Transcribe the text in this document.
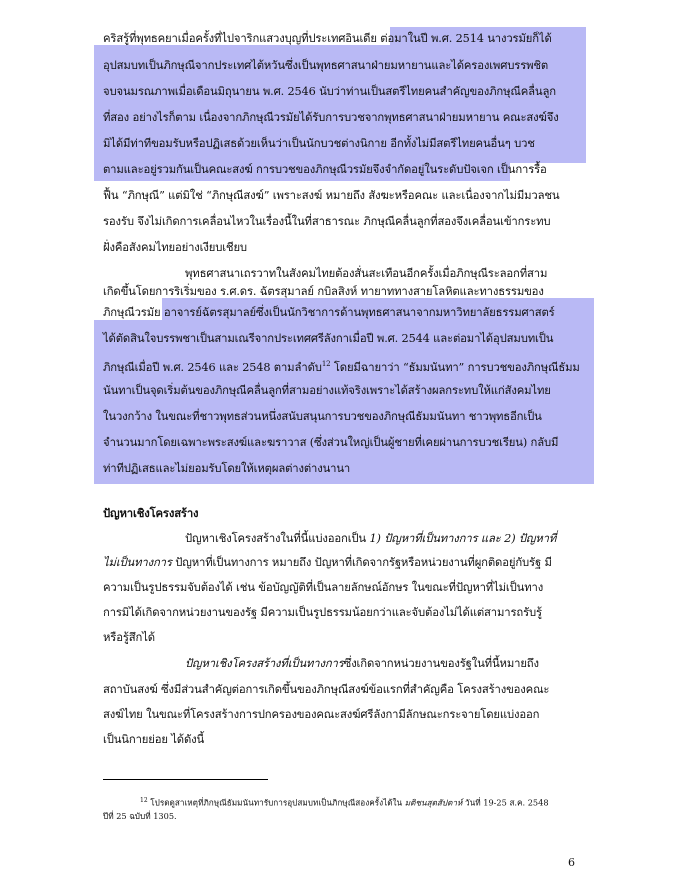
คริสรู้ที่พุทธคยาเมื่อครั้งที่ไปจาริกแสวงบุญที่ประเทศอินเดีย ต่อมาในปี พ.ศ. 2514 นางวรมัยก็ได้
อุปสมบทเป็นภิกษุณีจากประเทศไต้หวันซึ่งเป็นพุทธศาสนาฝ่ายมหายานและได้ครองเพศบรรพชิต
จบจนมรณภาพเมื่อเดือนมิถุนายน พ.ศ. 2546 นับว่าท่านเป็นสตรีไทยคนสำคัญของภิกษุณีคลื่นลูก
ที่สอง อย่างไรก็ตาม เนื่องจากภิกษุณีวรมัยได้รับการบวชจากพุทธศาสนาฝ่ายมหายาน คณะสงฆ์จึง
มิได้มีท่าทีขอมรับหรือปฏิเสธด้วยเห็นว่าเป็นนักบวชต่างนิกาย อีกทั้งไม่มีสตรีไทยคนอื่นๆ บวช
ตามและอยู่รวมกันเป็นคณะสงฆ์ การบวชของภิกษุณีวรมัยจึงจำกัดอยู่ในระดับปัจเจก เป็นการรื้อ
ฟื้น “ภิกษุณี” แต่มิใช่ “ภิกษุณีสงฆ์” เพราะสงฆ์ หมายถึง สังฆะหรือคณะ และเนื่องจากไม่มีมวลชน
รองรับ จึงไม่เกิดการเคลื่อนไหวในเรื่องนี้ในที่สาธารณะ ภิกษุณีคลื่นลูกที่สองจึงเคลื่อนเข้ากระทบ
ฝั่งคือสังคมไทยอย่างเงียบเชียบ
พุทธศาสนาเถรวาทในสังคมไทยต้องสั่นสะเทือนอีกครั้งเมื่อภิกษุณีระลอกที่สาม
เกิดขึ้นโดยการริเริ่มของ ร.ศ.ดร. ฉัตรสุมาลย์ กบิลสิงห์ ทายาททางสายโลหิตและทางธรรมของ
ภิกษุณีวรมัย อาจารย์ฉัตรสุมาลย์ซึ่งเป็นนักวิชาการด้านพุทธศาสนาจากมหาวิทยาลัยธรรมศาสตร์
ได้ตัดสินใจบรรพชาเป็นสามเณรีจากประเทศศรีลังกาเมื่อปี พ.ศ. 2544 และต่อมาได้อุปสมบทเป็น
ภิกษุณีเมื่อปี พ.ศ. 2546 และ 2548 ตามลำดับ$^{12}$ โดยมีฉายาว่า “ธัมมนันทา” การบวชของภิกษุณีธัมม
นันทาเป็นจุดเริ่มต้นของภิกษุณีคลื่นลูกที่สามอย่างแท้จริงเพราะได้สร้างผลกระทบให้แก่สังคมไทย
ในวงกว้าง ในขณะที่ชาวพุทธส่วนหนึ่งสนับสนุนการบวชของภิกษุณีธัมมนันทา ชาวพุทธอีกเป็น
จำนวนมากโดยเฉพาะพระสงฆ์และฆราวาส (ซึ่งส่วนใหญ่เป็นผู้ชายที่เคยผ่านการบวชเรียน) กลับมี
ท่าทีปฏิเสธและไม่ยอมรับโดยให้เหตุผลต่างต่างนานา
ปัญหาเชิงโครงสร้าง
ปัญหาเชิงโครงสร้างในที่นี้แบ่งออกเป็น 1) ปัญหาที่เป็นทางการ และ 2) ปัญหาที่
ไม่เป็นทางการ ปัญหาที่เป็นทางการ หมายถึง ปัญหาที่เกิดจากรัฐหรือหน่วยงานที่ผูกติดอยู่กับรัฐ มี
ความเป็นรูปธรรมจับต้องได้ เช่น ข้อบัญญัติที่เป็นลายลักษณ์อักษร ในขณะที่ปัญหาที่ไม่เป็นทาง
การมิได้เกิดจากหน่วยงานของรัฐ มีความเป็นรูปธรรมน้อยกว่าและจับต้องไม่ได้แต่สามารถรับรู้
หรือรู้สึกได้
ปัญหาเชิงโครงสร้างที่เป็นทางการซึ่งเกิดจากหน่วยงานของรัฐในที่นี้หมายถึง
สถาบันสงฆ์ ซึ่งมีส่วนสำคัญต่อการเกิดขึ้นของภิกษุณีสงฆ์ข้อแรกที่สำคัญคือ โครงสร้างของคณะ
สงฆ์ไทย ในขณะที่โครงสร้างการปกครองของคณะสงฆ์ศรีลังกามีลักษณะกระจายโดยแบ่งออก
เป็นนิกายย่อย ได้ดังนี้
$^{12}$ โปรดดูสาเหตุที่ภิกษุณีธัมมนันทารับการอุปสมบทเป็นภิกษุณีสองครั้งได้ใน มติชนสุดสัปดาห์ วันที่ 19-25 ส.ค. 2548
ปีที่ 25 ฉบับที่ 1305.
6
